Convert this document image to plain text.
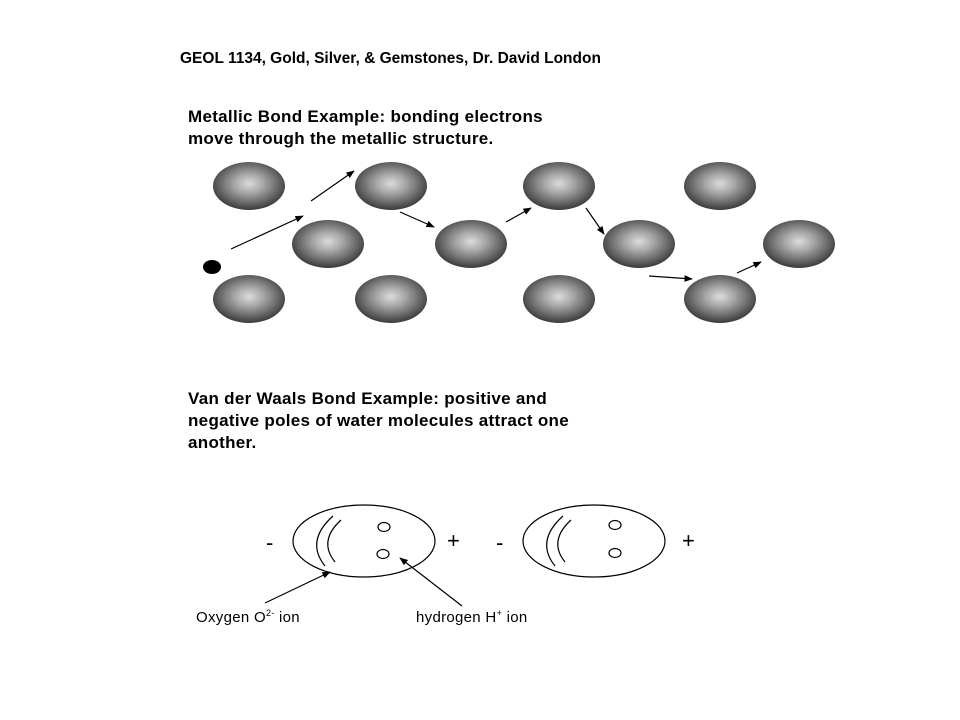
GEOL 1134, Gold, Silver, & Gemstones, Dr. David London
Metallic Bond Example: bonding electrons
move through the metallic structure.
Van der Waals Bond Example: positive and
negative poles of water molecules attract one
another.
-	+ -	+
Oxygen $O^{2-}$ ion	hydrogen H+ ion
